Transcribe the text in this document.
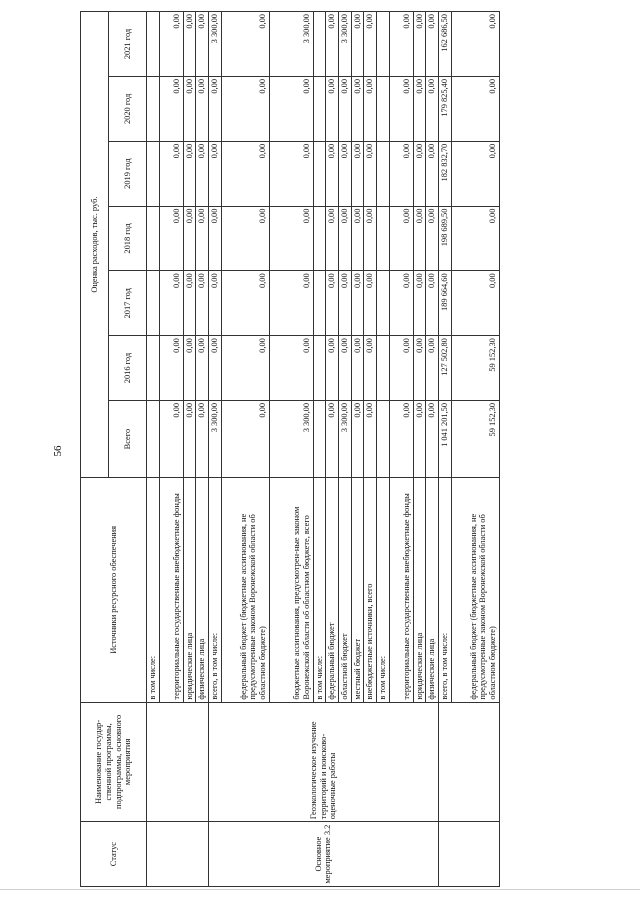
56
Статус	Наименование государ-ственной программы, подпрограммы, основного мероприятия	Источники ресурсного обеспечения	Оценка расходов, тыс. руб.						
			Всего	2016 год	2017 год	2018 год	2019 год	2020 год	2021 год
		в том числе:							
		территориальные государственные внебюджетные фонды	0,00	0,00	0,00	0,00	0,00	0,00	0,00
		юридические лица	0,00	0,00	0,00	0,00	0,00	0,00	0,00
		физические лица	0,00	0,00	0,00	0,00	0,00	0,00	0,00
Основное мероприятие 3.2	Геоэкологическое изучение территорий и поисково-оценочные работы	всего, в том числе:	3 300,00	0,00	0,00	0,00	0,00	0,00	3 300,00
		федеральный бюджет (бюджетные ассигнования, не предусмотренные законом Воронежской области об областном бюджете)	0,00	0,00	0,00	0,00	0,00	0,00	0,00
		бюджетные ассигнования, предусмотрен-ные законом Воронежской области об областном бюджете, всего	3 300,00	0,00	0,00	0,00	0,00	0,00	3 300,00
		в том числе:							
		федеральный бюджет	0,00	0,00	0,00	0,00	0,00	0,00	0,00
		областной бюджет	3 300,00	0,00	0,00	0,00	0,00	0,00	3 300,00
		местный бюджет	0,00	0,00	0,00	0,00	0,00	0,00	0,00
		внебюджетные источники, всего	0,00	0,00	0,00	0,00	0,00	0,00	0,00
		в том числе:							
		территориальные государственные внебюджетные фонды	0,00	0,00	0,00	0,00	0,00	0,00	0,00
		юридические лица	0,00	0,00	0,00	0,00	0,00	0,00	0,00
		физические лица	0,00	0,00	0,00	0,00	0,00	0,00	0,00
		всего, в том числе:	1 041 201,50	127 502,80	189 664,60	198 689,50	182 832,70	179 825,40	162 686,50
		федеральный бюджет (бюджетные ассигнования, не предусмотренные законом Воронежской области об областном бюджете)	59 152,30	59 152,30	0,00	0,00	0,00	0,00	0,00
